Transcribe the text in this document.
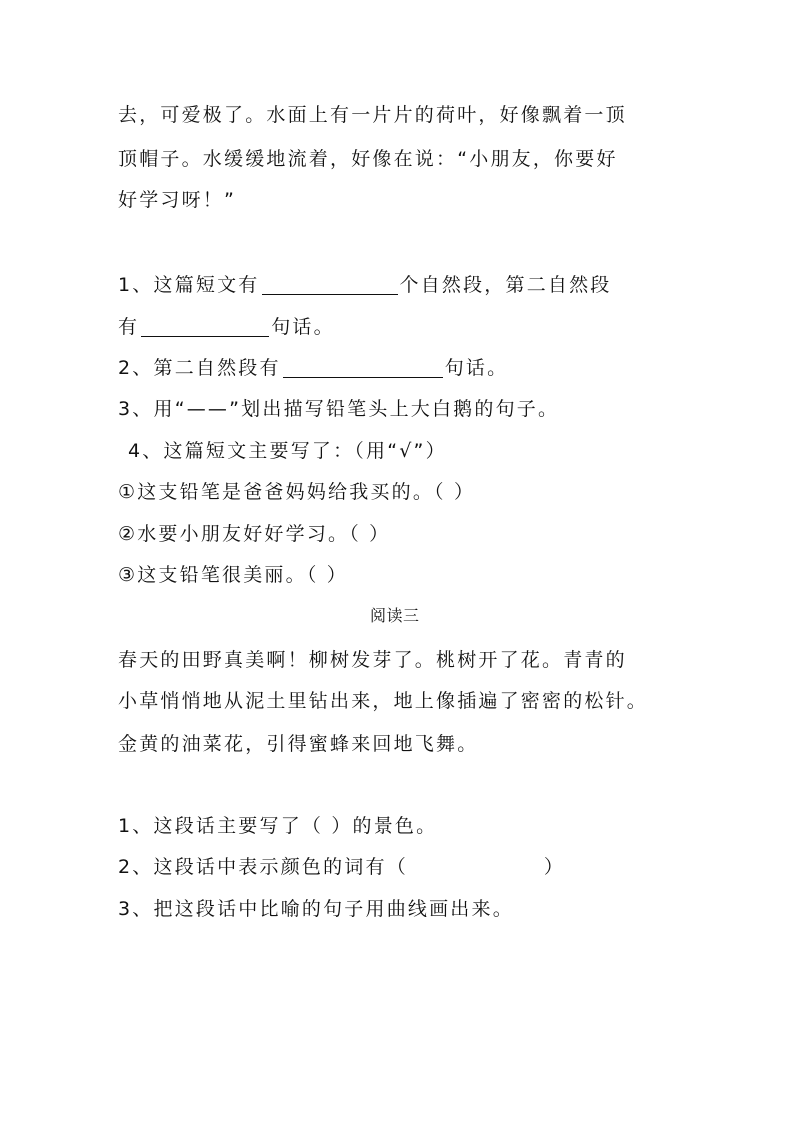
去，可爱极了。水面上有一片片的荷叶，好像飘着一顶
顶帽子。水缓缓地流着，好像在说：“小朋友，你要好
好学习呀！”
1、这篇短文有	个自然段，第二自然段
有	句话。
2、第二自然段有	句话。
3、用“——”划出描写铅笔头上大白鹅的句子。
4、这篇短文主要写了：（用“√”）
①这支铅笔是爸爸妈妈给我买的。（ ）
②水要小朋友好好学习。（ ）
③这支铅笔很美丽。（ ）
阅读三
春天的田野真美啊！柳树发芽了。桃树开了花。青青的
小草悄悄地从泥土里钻出来，地上像插遍了密密的松针。
金黄的油菜花，引得蜜蜂来回地飞舞。
1、这段话主要写了（ ）的景色。
2、这段话中表示颜色的词有（	）
3、把这段话中比喻的句子用曲线画出来。
